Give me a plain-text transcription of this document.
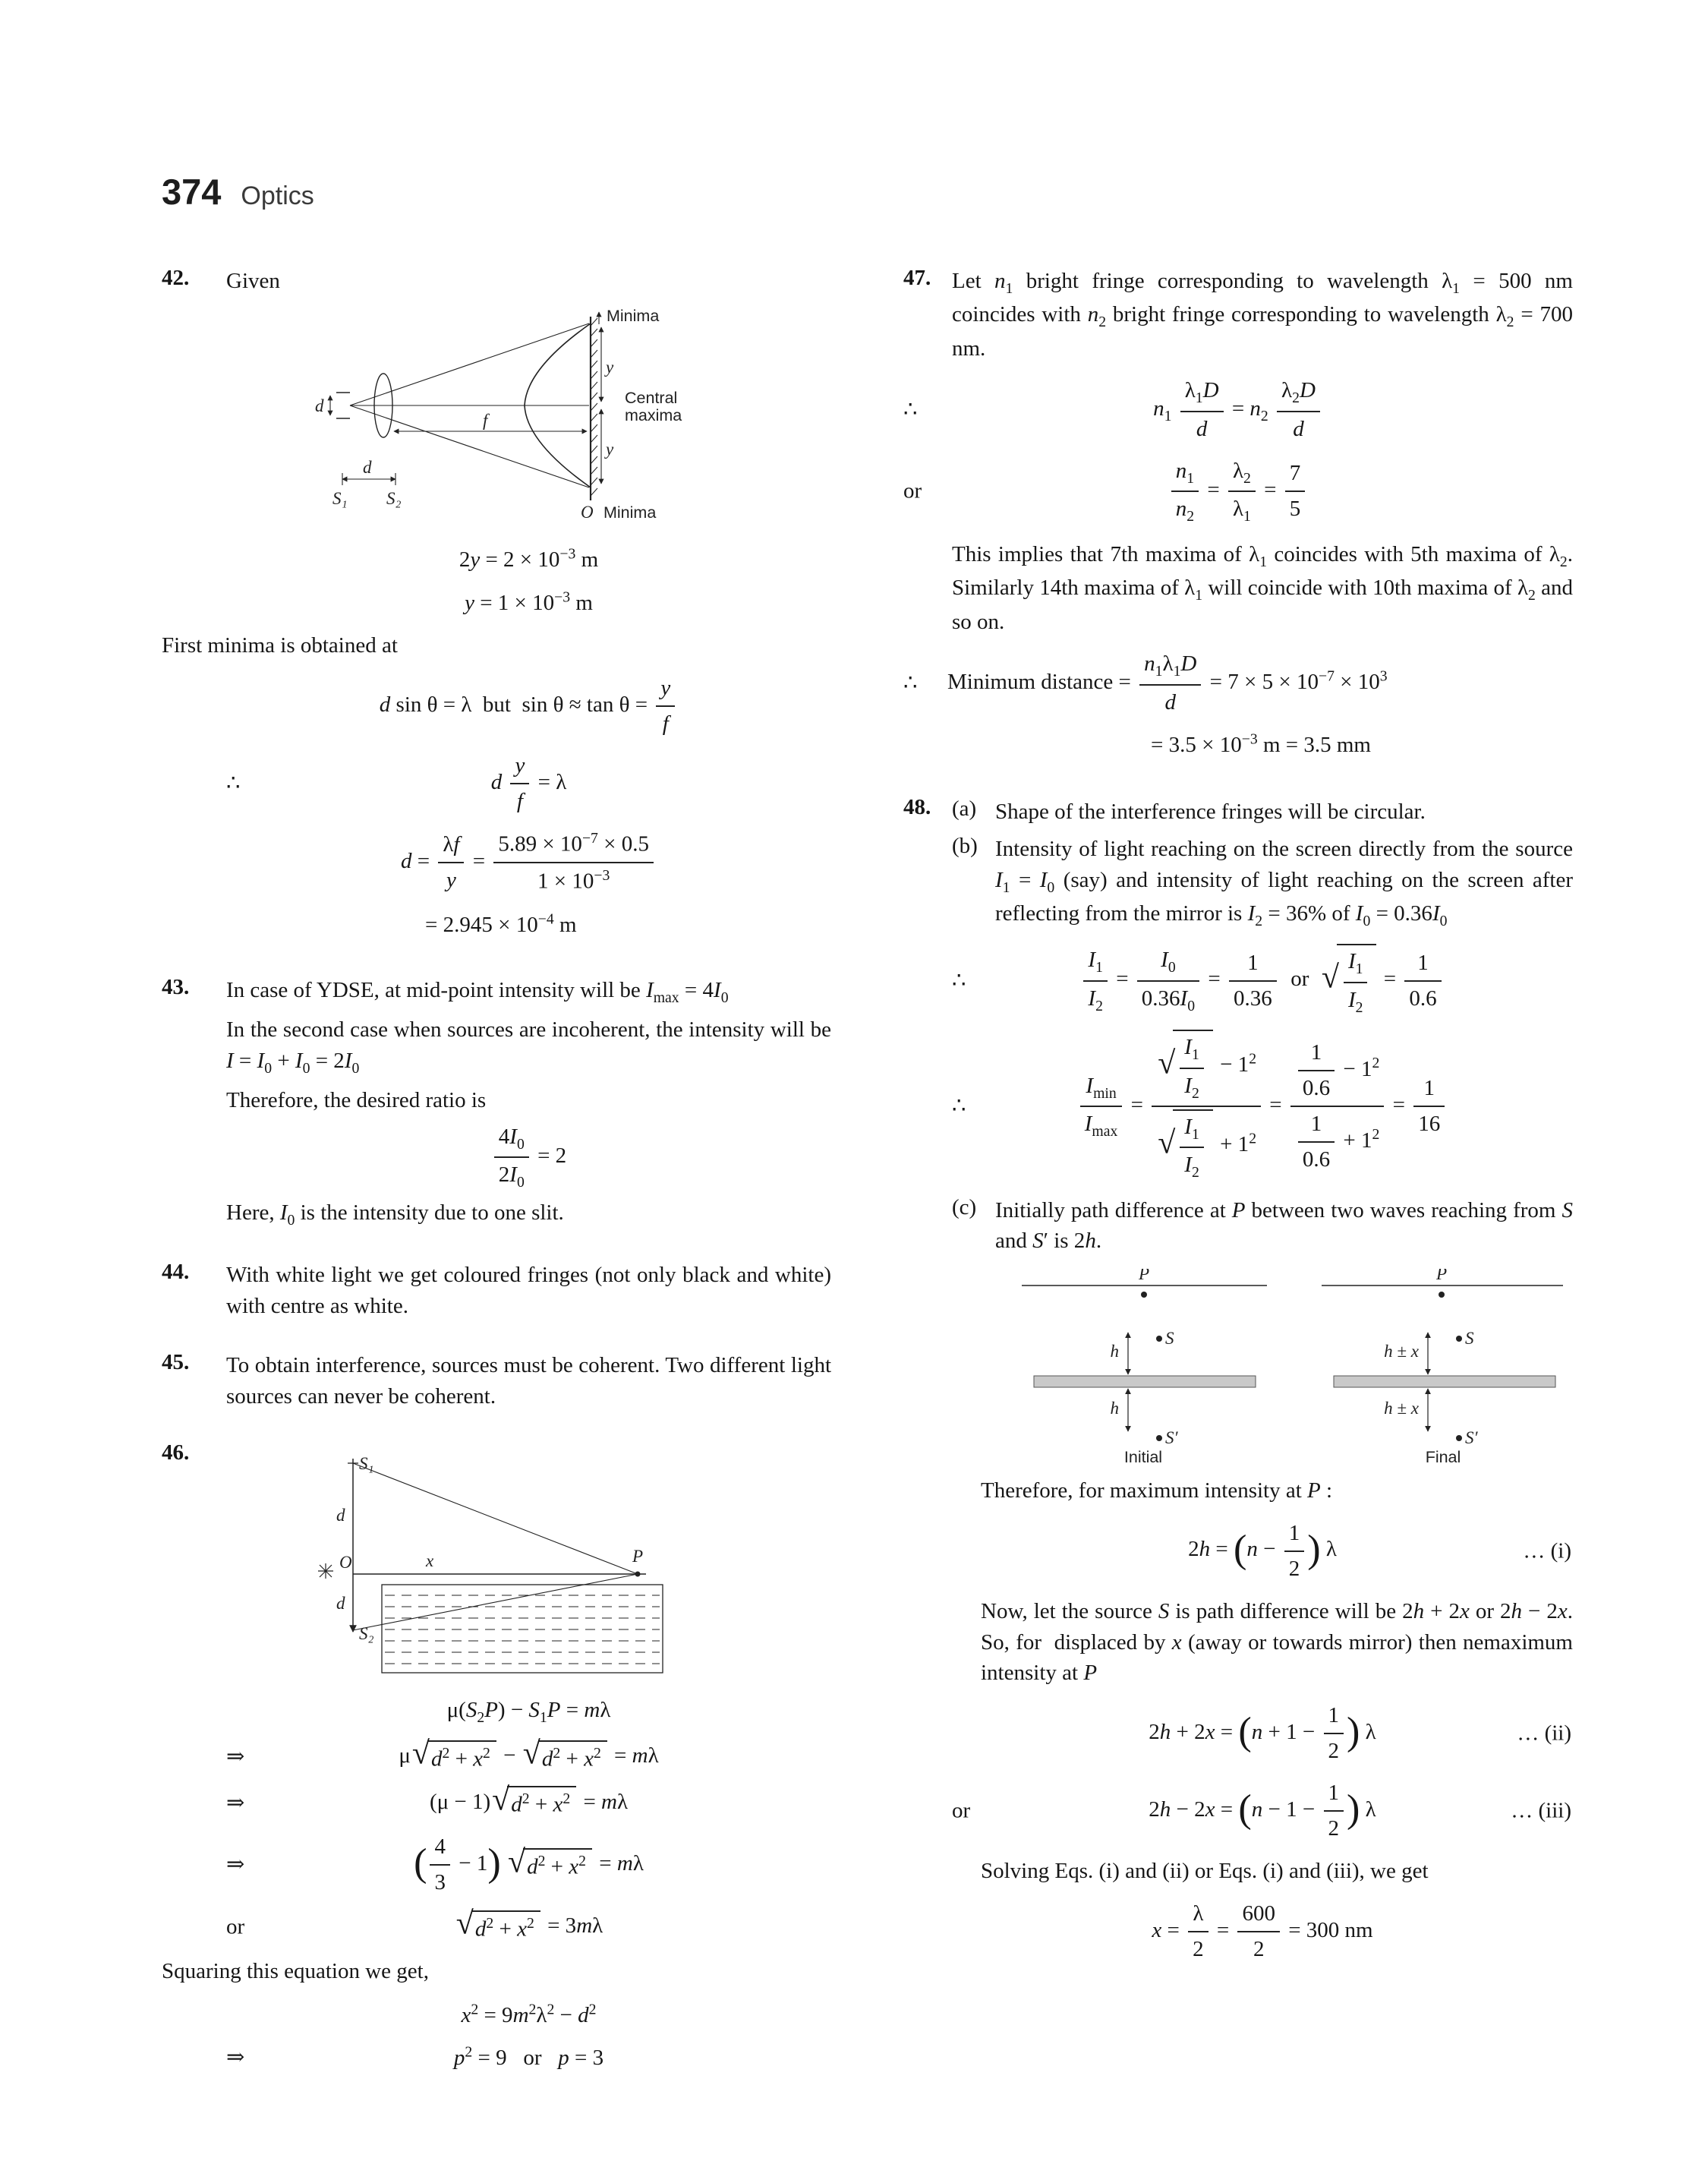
374 Optics
42.	Given

Minima
y
Central
maxima
y
d
f
d
S₁ S₂
O Minima
$2y = 2 \times 10^{-3}$ m
$y = 1 \times 10^{-3}$ m

First minima is obtained at

d sin θ = λ  but  $\sin \theta \approx \tan \theta = \frac{y}{f}$
∴	d $\frac{y}{f} = \lambda$
$d = \frac{\lambda f}{y} = \frac{5.89 \times 10^{-7} \times 0.5}{1 \times 10^{-3}}$
= $2.945 \times 10^{-4}$ m
43.	In case of YDSE, at mid-point intensity will be $I_{max} = 4I_0$

In the second case when sources are incoherent, the intensity will be $I = I_0 + I_0 = 2I_0$

Therefore, the desired ratio is

$\frac{4I_0}{2I_0} = 2$

Here, $I_0$ is the intensity due to one slit.

44.	With white light we get coloured fringes (not only black and white) with centre as white.

45.	To obtain interference, sources must be coherent. Two different light sources can never be coherent.

46.	S₁
d
O	x	P
d
S₂
$\mu(S_2P) - S_1P = m\lambda$
⇒	μ √ $d^2 + x^2$ − √ $d^2 + x^2 = m\lambda$
⇒	(μ − 1) √ $d^2 + x^2 = m\lambda$
⇒	( $\frac{4}{3} - 1$) √ $d^2 + x^2 = m\lambda$
or	√ $d^2 + x^2 = 3m\lambda$

Squaring this equation we get,

$x^2 = 9m^2\lambda^2 - d^2$
⇒	$p^2 = 9$   or   p = 3
47. Let $n_1$ bright fringe corresponding to wavelength $\lambda_1 = 500$ nm coincides with $n_2$ bright fringe corresponding to wavelength $\lambda_2 = 700$ nm.

∴	$n_1 \frac{\lambda_1D}{d} = n_2 \frac{\lambda_2D}{d}$
or	$\frac{n_1}{n_2} = \frac{\lambda_2}{\lambda_1} = \frac{7}{5}$

This implies that 7th maxima of $\lambda_1$ coincides with 5th maxima of $\lambda_2$. Similarly 14th maxima of $\lambda_1$ will coincide with 10th maxima of $\lambda_2$ and so on.

∴ Minimum distance = $\frac{n_1\lambda_1D}{d} = 7 \times 5 \times 10^{-7} \times 10^3$
= $3.5 \times 10^{-3}$ m = 3.5 mm
48. (a) Shape of the interference fringes will be circular.
(b) Intensity of light reaching on the screen directly from the source $I_1 = I_0$ (say) and intensity of light reaching on the screen after reflecting from the mirror is $I_2 = 36\%$ of $I_0 = 0.36I_0$
∴	$\frac{I_1}{I_2} = \frac{I_0}{0.36I_0} = \frac{1}{0.36}$ or √ $\frac{I_1}{I_2} = \frac{1}{0.6}$
∴
$I_{min}$
$I_{max}$
= $\frac{√ \frac{I_1}{I_2} - 1^2}{√ \frac{I_1}{I_2} + 1^2} = \frac{\frac{1}{0.6} - 1^2}{\frac{1}{0.6} + 1^2} = \frac{1}{16}$
(c) Initially path difference at P between two waves reaching from S and S′ is 2h.
P
S
h
h
S′
Initial
P
S
h ± x
h ± x
S′
Final

Therefore, for maximum intensity at P :

$2h = (n - \frac{1}{2}$ ) λ	… (i)

Now, let the source S is path difference will be 2h + 2x or 2h − 2x. So, for  displaced by x (away or towards mirror) then nemaximum intensity at P

$2h + 2x = (n + 1 - \frac{1}{2}$ ) λ	… (ii)
or	$2h - 2x = (n - 1 - \frac{1}{2}$ ) λ	… (iii)

Solving Eqs. (i) and (ii) or Eqs. (i) and (iii), we get

$x = \frac{\lambda}{2} = \frac{600}{2} = 300$ nm
